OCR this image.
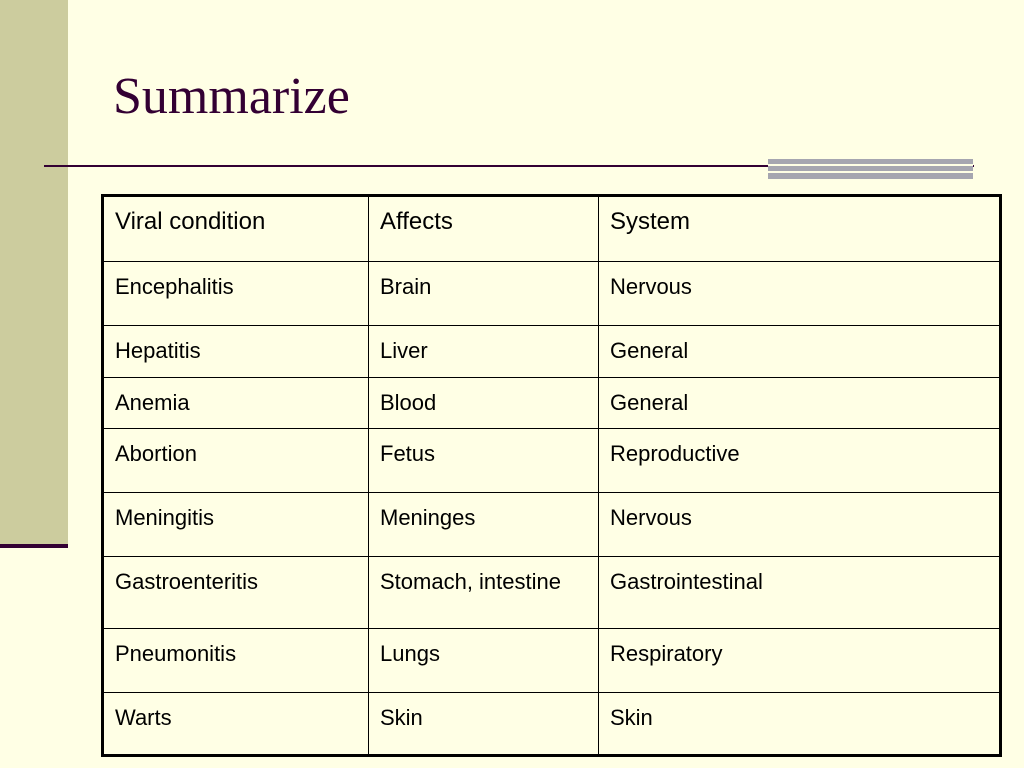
Summarize
Viral condition	Affects	System
Encephalitis	Brain	Nervous
Hepatitis	Liver	General
Anemia	Blood	General
Abortion	Fetus	Reproductive
Meningitis	Meninges	Nervous
Gastroenteritis	Stomach, intestine	Gastrointestinal
Pneumonitis	Lungs	Respiratory
Warts	Skin	Skin
